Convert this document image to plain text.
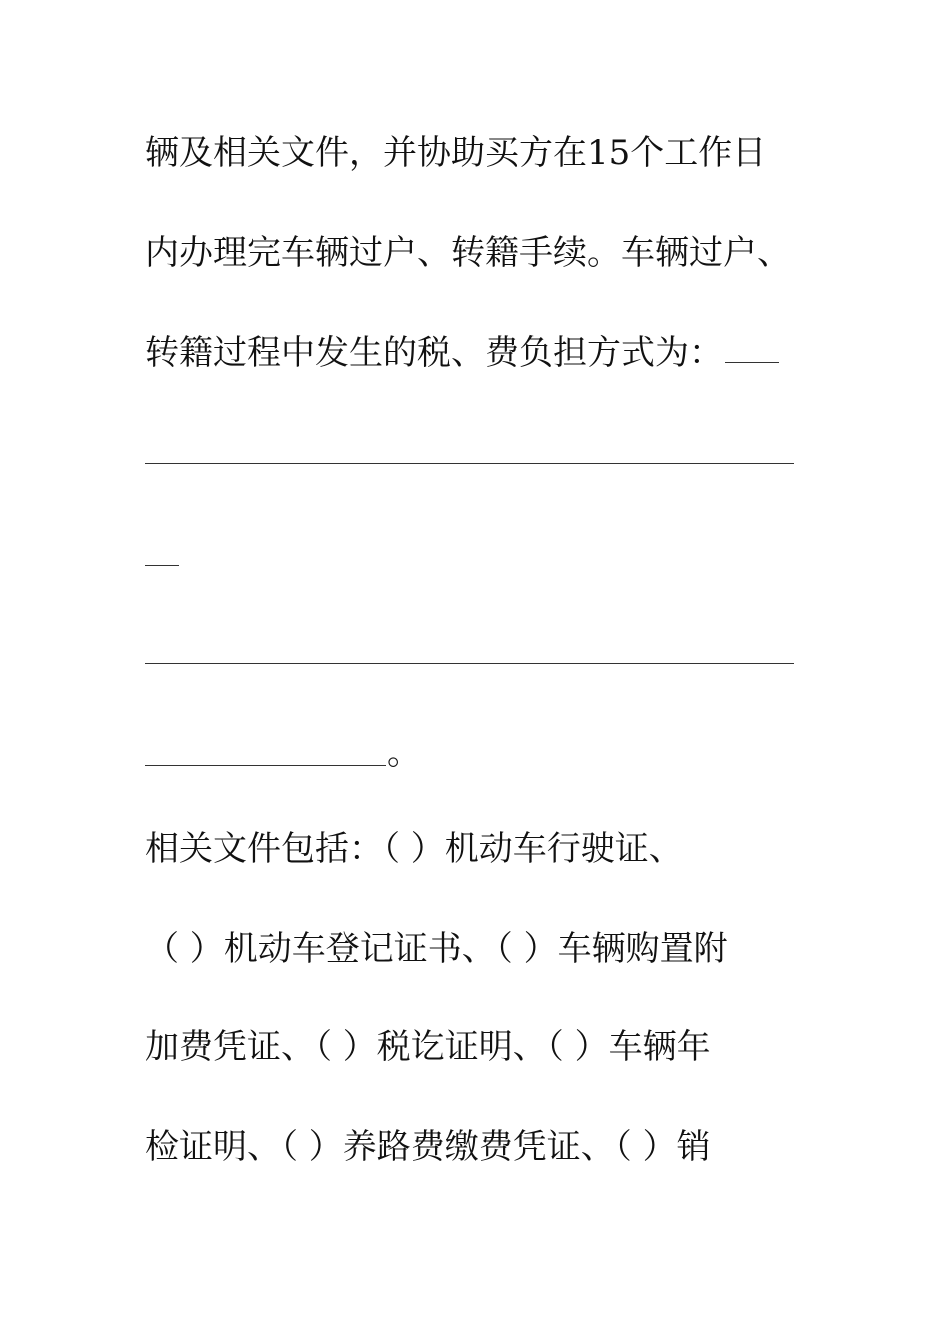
辆及相关文件，并协助买方在15个工作日
内办理完车辆过户、转籍手续。车辆过户、
转籍过程中发生的税、费负担方式为：
。
相关文件包括：（ ）机动车行驶证、
（ ）机动车登记证书、（ ）车辆购置附
加费凭证、（ ）税讫证明、（ ）车辆年
检证明、（ ）养路费缴费凭证、（ ）销
